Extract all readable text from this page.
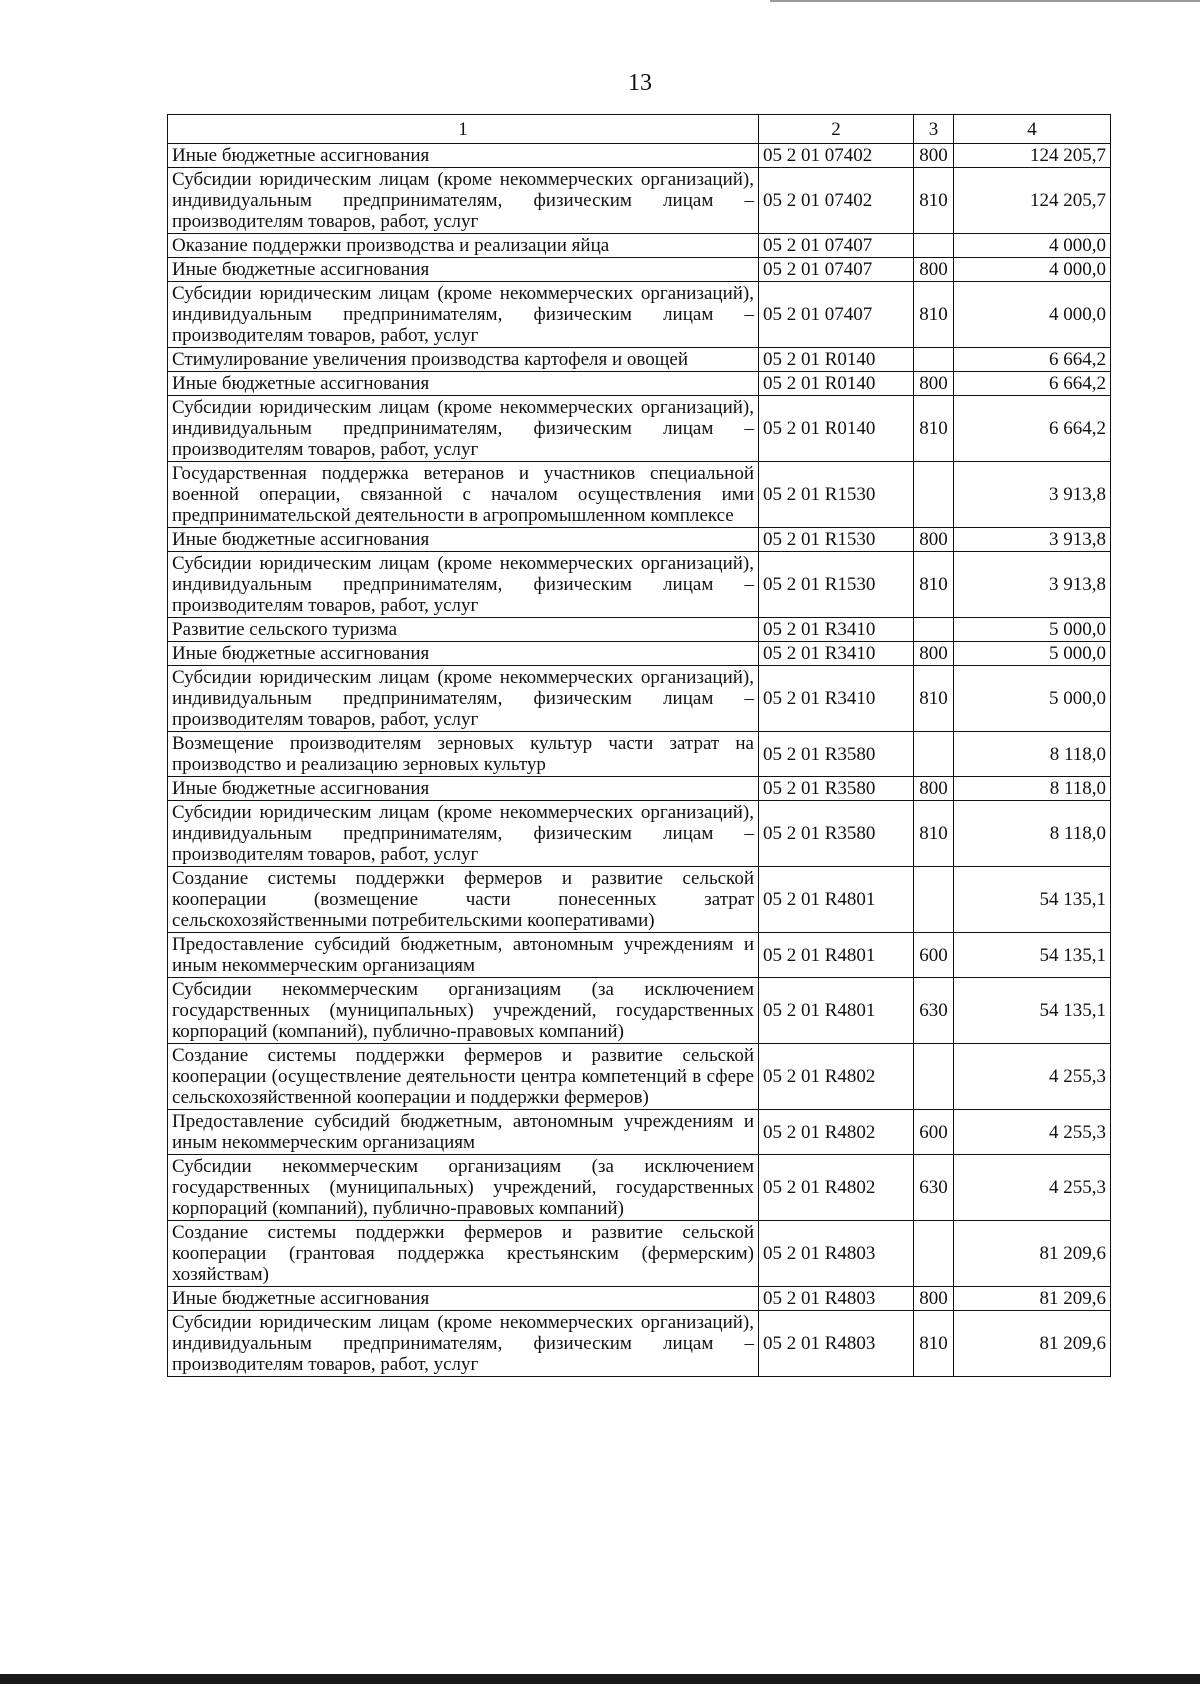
13
1	2	3	4
Иные бюджетные ассигнования	05 2 01 07402	800	124 205,7
Субсидии юридическим лицам (кроме некоммерческих организаций), индивидуальным предпринимателям, физическим лицам – производителям товаров, работ, услуг	05 2 01 07402	810	124 205,7
Оказание поддержки производства и реализации яйца	05 2 01 07407		4 000,0
Иные бюджетные ассигнования	05 2 01 07407	800	4 000,0
Субсидии юридическим лицам (кроме некоммерческих организаций), индивидуальным предпринимателям, физическим лицам – производителям товаров, работ, услуг	05 2 01 07407	810	4 000,0
Стимулирование увеличения производства картофеля и овощей	05 2 01 R0140		6 664,2
Иные бюджетные ассигнования	05 2 01 R0140	800	6 664,2
Субсидии юридическим лицам (кроме некоммерческих организаций), индивидуальным предпринимателям, физическим лицам – производителям товаров, работ, услуг	05 2 01 R0140	810	6 664,2
Государственная поддержка ветеранов и участников специальной военной операции, связанной с началом осуществления ими предпринимательской деятельности в агропромышленном комплексе	05 2 01 R1530		3 913,8
Иные бюджетные ассигнования	05 2 01 R1530	800	3 913,8
Субсидии юридическим лицам (кроме некоммерческих организаций), индивидуальным предпринимателям, физическим лицам – производителям товаров, работ, услуг	05 2 01 R1530	810	3 913,8
Развитие сельского туризма	05 2 01 R3410		5 000,0
Иные бюджетные ассигнования	05 2 01 R3410	800	5 000,0
Субсидии юридическим лицам (кроме некоммерческих организаций), индивидуальным предпринимателям, физическим лицам – производителям товаров, работ, услуг	05 2 01 R3410	810	5 000,0
Возмещение производителям зерновых культур части затрат на производство и реализацию зерновых культур	05 2 01 R3580		8 118,0
Иные бюджетные ассигнования	05 2 01 R3580	800	8 118,0
Субсидии юридическим лицам (кроме некоммерческих организаций), индивидуальным предпринимателям, физическим лицам – производителям товаров, работ, услуг	05 2 01 R3580	810	8 118,0
Создание системы поддержки фермеров и развитие сельской кооперации (возмещение части понесенных затрат сельскохозяйственными потребительскими кооперативами)	05 2 01 R4801		54 135,1
Предоставление субсидий бюджетным, автономным учреждениям и иным некоммерческим организациям	05 2 01 R4801	600	54 135,1
Субсидии некоммерческим организациям (за исключением государственных (муниципальных) учреждений, государственных корпораций (компаний), публично-правовых компаний)	05 2 01 R4801	630	54 135,1
Создание системы поддержки фермеров и развитие сельской кооперации (осуществление деятельности центра компетенций в сфере сельскохозяйственной кооперации и поддержки фермеров)	05 2 01 R4802		4 255,3
Предоставление субсидий бюджетным, автономным учреждениям и иным некоммерческим организациям	05 2 01 R4802	600	4 255,3
Субсидии некоммерческим организациям (за исключением государственных (муниципальных) учреждений, государственных корпораций (компаний), публично-правовых компаний)	05 2 01 R4802	630	4 255,3
Создание системы поддержки фермеров и развитие сельской кооперации (грантовая поддержка крестьянским (фермерским) хозяйствам)	05 2 01 R4803		81 209,6
Иные бюджетные ассигнования	05 2 01 R4803	800	81 209,6
Субсидии юридическим лицам (кроме некоммерческих организаций), индивидуальным предпринимателям, физическим лицам – производителям товаров, работ, услуг	05 2 01 R4803	810	81 209,6
